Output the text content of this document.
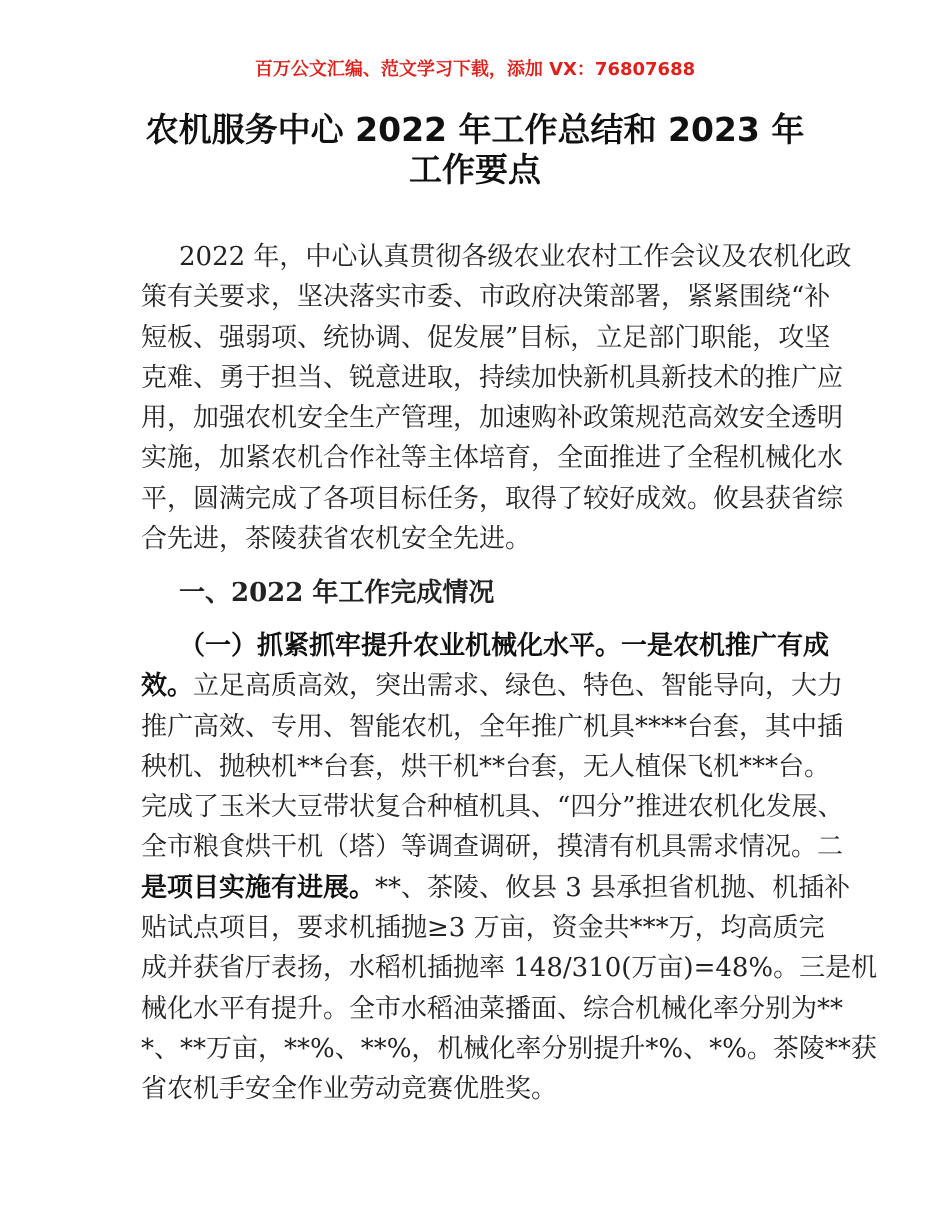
百万公文汇编、范文学习下载，添加 VX：76807688
农机服务中心 2022 年工作总结和 2023 年
工作要点
2022 年，中心认真贯彻各级农业农村工作会议及农机化政
策有关要求，坚决落实市委、市政府决策部署，紧紧围绕“补
短板、强弱项、统协调、促发展”目标，立足部门职能，攻坚
克难、勇于担当、锐意进取，持续加快新机具新技术的推广应
用，加强农机安全生产管理，加速购补政策规范高效安全透明
实施，加紧农机合作社等主体培育，全面推进了全程机械化水
平，圆满完成了各项目标任务，取得了较好成效。攸县获省综
合先进，茶陵获省农机安全先进。
一、2022 年工作完成情况
（一）抓紧抓牢提升农业机械化水平。一是农机推广有成
效。立足高质高效，突出需求、绿色、特色、智能导向，大力
推广高效、专用、智能农机，全年推广机具****台套，其中插
秧机、抛秧机**台套，烘干机**台套，无人植保飞机***台。
完成了玉米大豆带状复合种植机具、“四分”推进农机化发展、
全市粮食烘干机（塔）等调查调研，摸清有机具需求情况。二
是项目实施有进展。**、茶陵、攸县 3 县承担省机抛、机插补
贴试点项目，要求机插抛≥3 万亩，资金共***万，均高质完
成并获省厅表扬，水稻机插抛率 148/310(万亩)=48%。三是机
械化水平有提升。全市水稻油菜播面、综合机械化率分别为**
*、**万亩，**%、**%，机械化率分别提升*%、*%。茶陵**获
省农机手安全作业劳动竞赛优胜奖。
